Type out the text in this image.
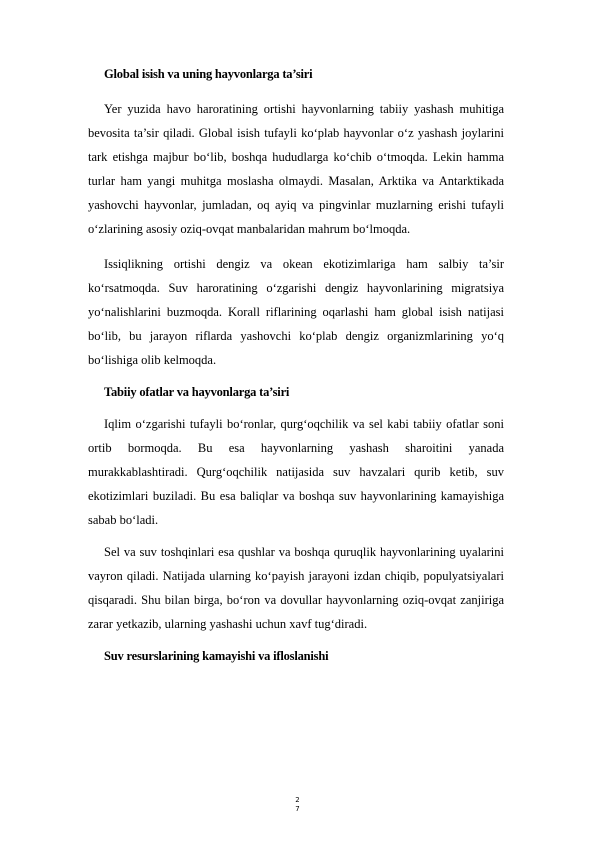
Global isish va uning hayvonlarga ta’siri

Yer yuzida havo haroratining ortishi hayvonlarning tabiiy yashash muhitiga bevosita ta’sir qiladi. Global isish tufayli ko‘plab hayvonlar o‘z yashash joylarini tark etishga majbur bo‘lib, boshqa hududlarga ko‘chib o‘tmoqda. Lekin hamma turlar ham yangi muhitga moslasha olmaydi. Masalan, Arktika va Antarktikada yashovchi hayvonlar, jumladan, oq ayiq va pingvinlar muzlarning erishi tufayli o‘zlarining asosiy oziq-ovqat manbalaridan mahrum bo‘lmoqda.

Issiqlikning ortishi dengiz va okean ekotizimlariga ham salbiy ta’sir ko‘rsatmoqda. Suv haroratining o‘zgarishi dengiz hayvonlarining migratsiya yo‘nalishlarini buzmoqda. Korall riflarining oqarlashi ham global isish natijasi bo‘lib, bu jarayon riflarda yashovchi ko‘plab dengiz organizmlarining yo‘q bo‘lishiga olib kelmoqda.

Tabiiy ofatlar va hayvonlarga ta’siri

Iqlim o‘zgarishi tufayli bo‘ronlar, qurg‘oqchilik va sel kabi tabiiy ofatlar soni ortib bormoqda. Bu esa hayvonlarning yashash sharoitini yanada murakkablashtiradi. Qurg‘oqchilik natijasida suv havzalari qurib ketib, suv ekotizimlari buziladi. Bu esa baliqlar va boshqa suv hayvonlarining kamayishiga sabab bo‘ladi.

Sel va suv toshqinlari esa qushlar va boshqa quruqlik hayvonlarining uyalarini vayron qiladi. Natijada ularning ko‘payish jarayoni izdan chiqib, populyatsiyalari qisqaradi. Shu bilan birga, bo‘ron va dovullar hayvonlarning oziq-ovqat zanjiriga zarar yetkazib, ularning yashashi uchun xavf tug‘diradi.

Suv resurslarining kamayishi va ifloslanishi

2
7
